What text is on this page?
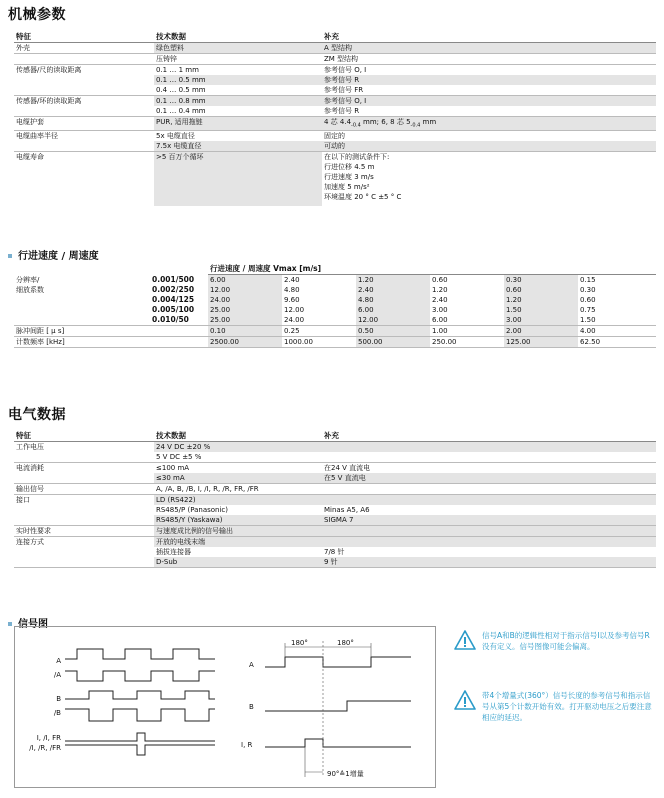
机械参数
特征	技术数据	补充
外壳	绿色塑料	A 型结构
	压铸锌	ZM 型结构
传感器/尺的读取距离	0.1 … 1 mm	参考信号 O, I
	0.1 … 0.5 mm	参考信号 R
	0.4 … 0.5 mm	参考信号 FR
传感器/环的读取距离	0.1 … 0.8 mm	参考信号 O, I
	0.1 … 0.4 mm	参考信号 R
电缆护套	PUR, 适用拖链	4 芯 $4.4_{-0.4}$ mm; 6, 8 芯 $5_{-0.4}$ mm
电缆曲率半径	5x 电缆直径	固定的
	7.5x 电缆直径	可动的
电缆寿命	>5 百万个循环	在以下的测试条件下:
行进位移 4.5 m
行进速度 3 m/s
加速度 5 m/s²
环境温度 20 ° C ±5 ° C
行进速度 / 周速度
		行进速度 / 周速度 Vmax [m/s]					

分辨率/
细放系数	0.001/500	6.00	2.40	1.20	0.60	0.30	0.15
	0.002/250	12.00	4.80	2.40	1.20	0.60	0.30
	0.004/125	24.00	9.60	4.80	2.40	1.20	0.60
	0.005/100	25.00	12.00	6.00	3.00	1.50	0.75
	0.010/50	25.00	24.00	12.00	6.00	3.00	1.50
脉冲间距 [ μ s]		0.10	0.25	0.50	1.00	2.00	4.00
计数频率 [kHz]		2500.00	1000.00	500.00	250.00	125.00	62.50
电气数据
特征	技术数据	补充
工作电压	24 V DC ±20 %	
	5 V DC ±5 %	
电流消耗	≤100 mA	在24 V 直流电
	≤30 mA	在5 V 直流电
输出信号	A, /A, B, /B, I, /I, R, /R, FR, /FR	
接口	LD (RS422)	
	RS485/P (Panasonic)	Minas A5, A6
	RS485/Y (Yaskawa)	SIGMA 7
实时性要求	与速度成比例的信号输出	
连接方式	开放的电线末端	
	插拔连接器	7/8 针
	D-Sub	9 针
信号图
A
/A
B
/B
I, /I, FR
/I, /R, /FR
A
B
I, R
180°	180°
90°≙1增量
信号A和B的逻辑性相对于指示信号I以及参考信号R没有定义。信号图像可能会偏离。
带4个增量式(360°）信号长度的参考信号和指示信号从第5个计数开始有效。打开驱动电压之后要注意相应的延迟。
